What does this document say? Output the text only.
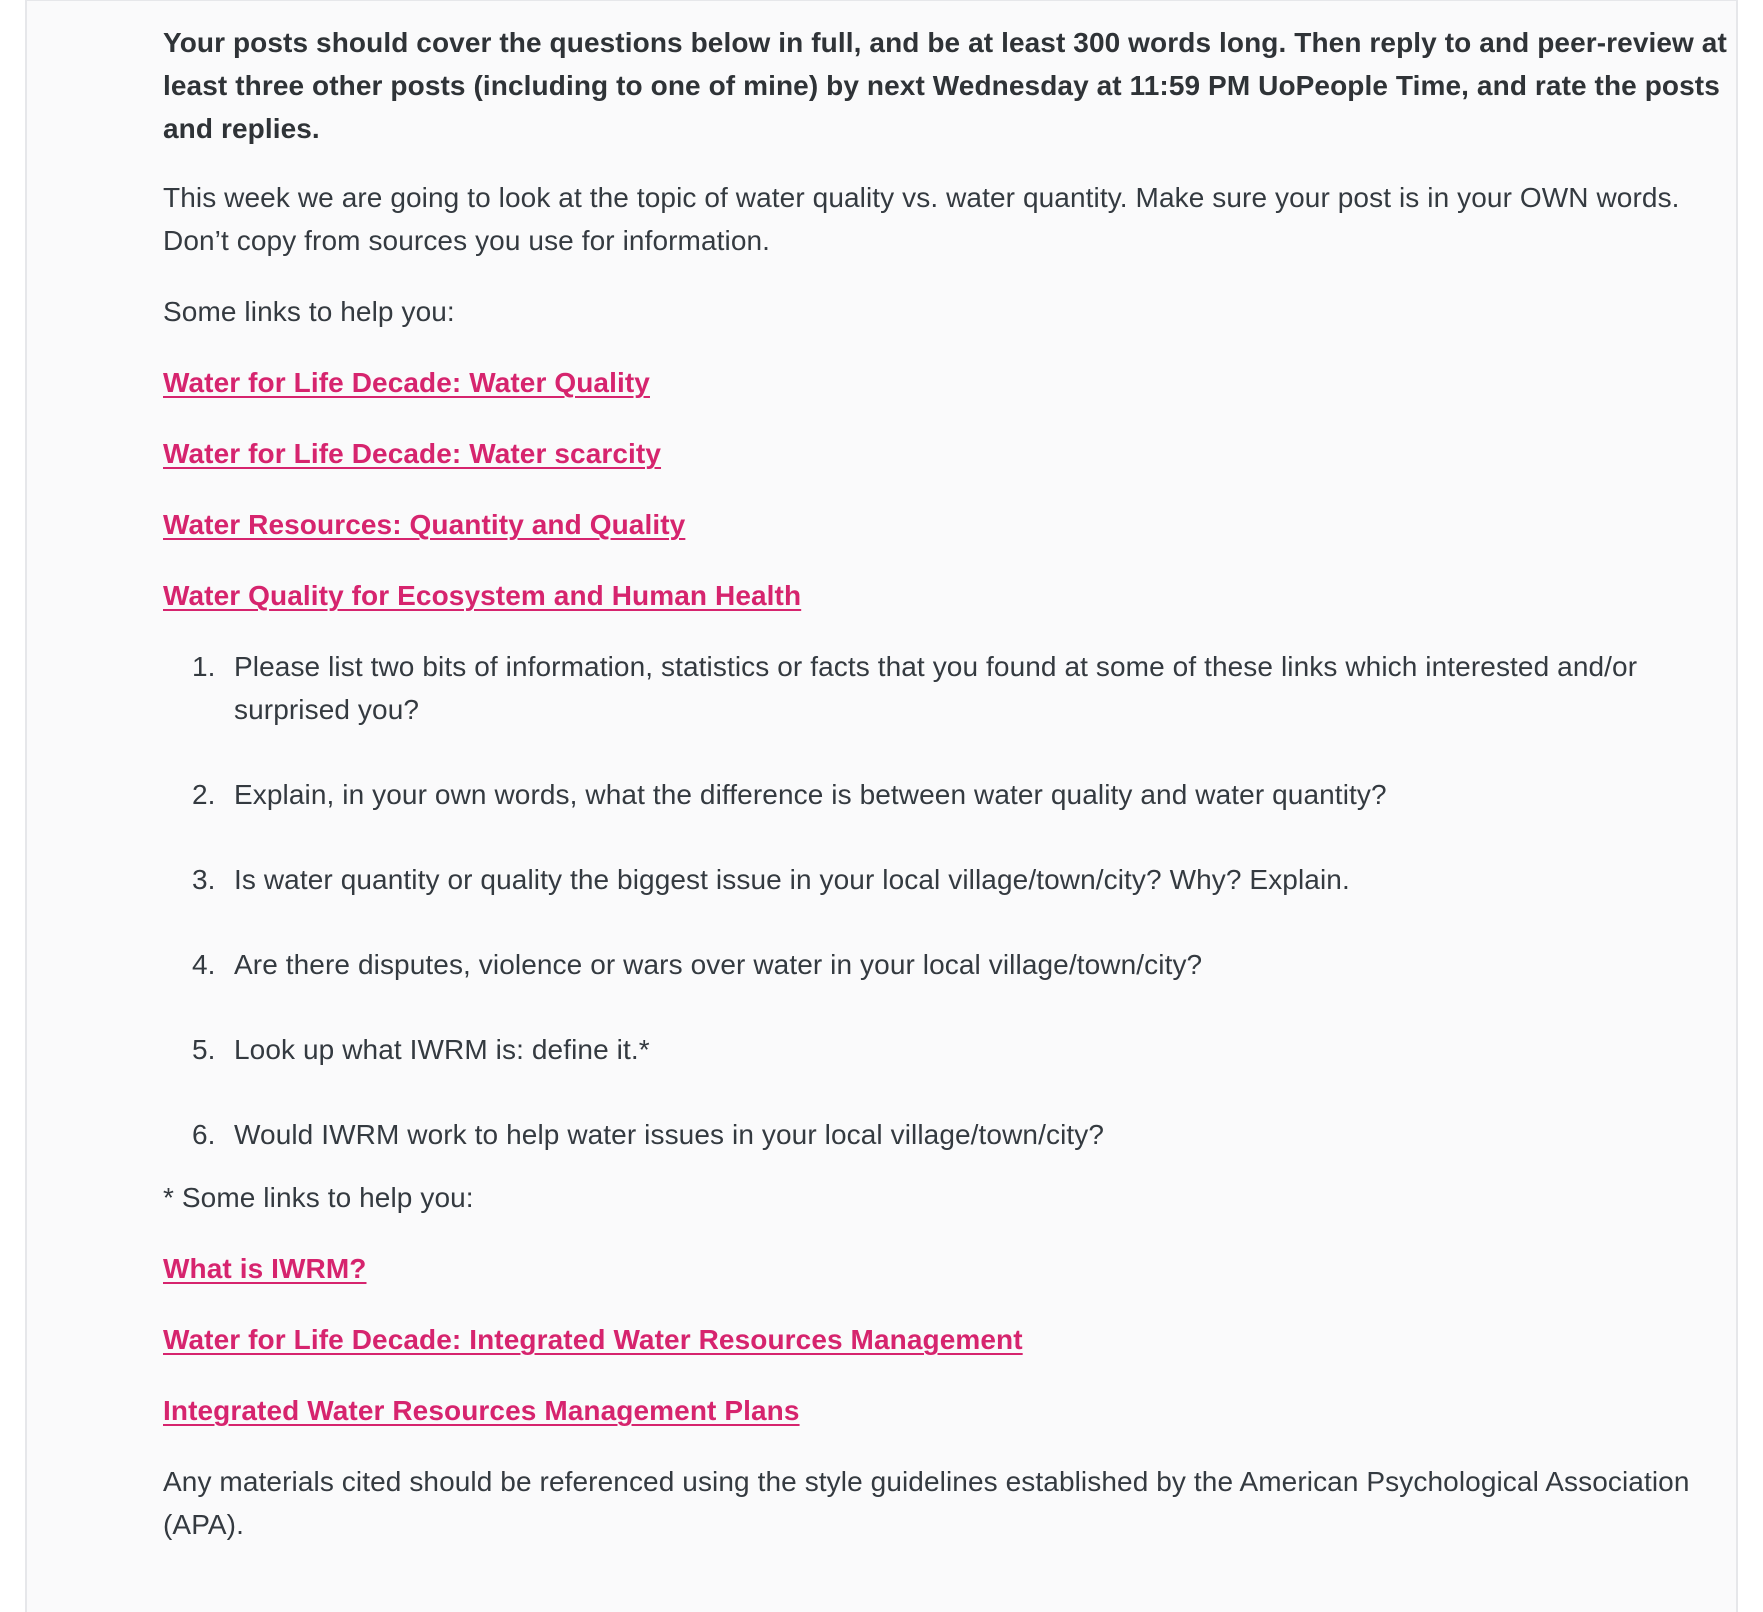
Your posts should cover the questions below in full, and be at least 300 words long. Then reply to and peer-review at least three other posts (including to one of mine) by next Wednesday at 11:59 PM UoPeople Time, and rate the posts and replies.

This week we are going to look at the topic of water quality vs. water quantity. Make sure your post is in your OWN words. Don’t copy from sources you use for information.

Some links to help you:

Water for Life Decade: Water Quality

Water for Life Decade: Water scarcity

Water Resources: Quantity and Quality

Water Quality for Ecosystem and Human Health

1. Please list two bits of information, statistics or facts that you found at some of these links which interested and/or surprised you?
2. Explain, in your own words, what the difference is between water quality and water quantity?
3. Is water quantity or quality the biggest issue in your local village/town/city? Why? Explain.
4. Are there disputes, violence or wars over water in your local village/town/city?
5. Look up what IWRM is: define it.*
6. Would IWRM work to help water issues in your local village/town/city?

* Some links to help you:

What is IWRM?

Water for Life Decade: Integrated Water Resources Management

Integrated Water Resources Management Plans

Any materials cited should be referenced using the style guidelines established by the American Psychological Association (APA).
